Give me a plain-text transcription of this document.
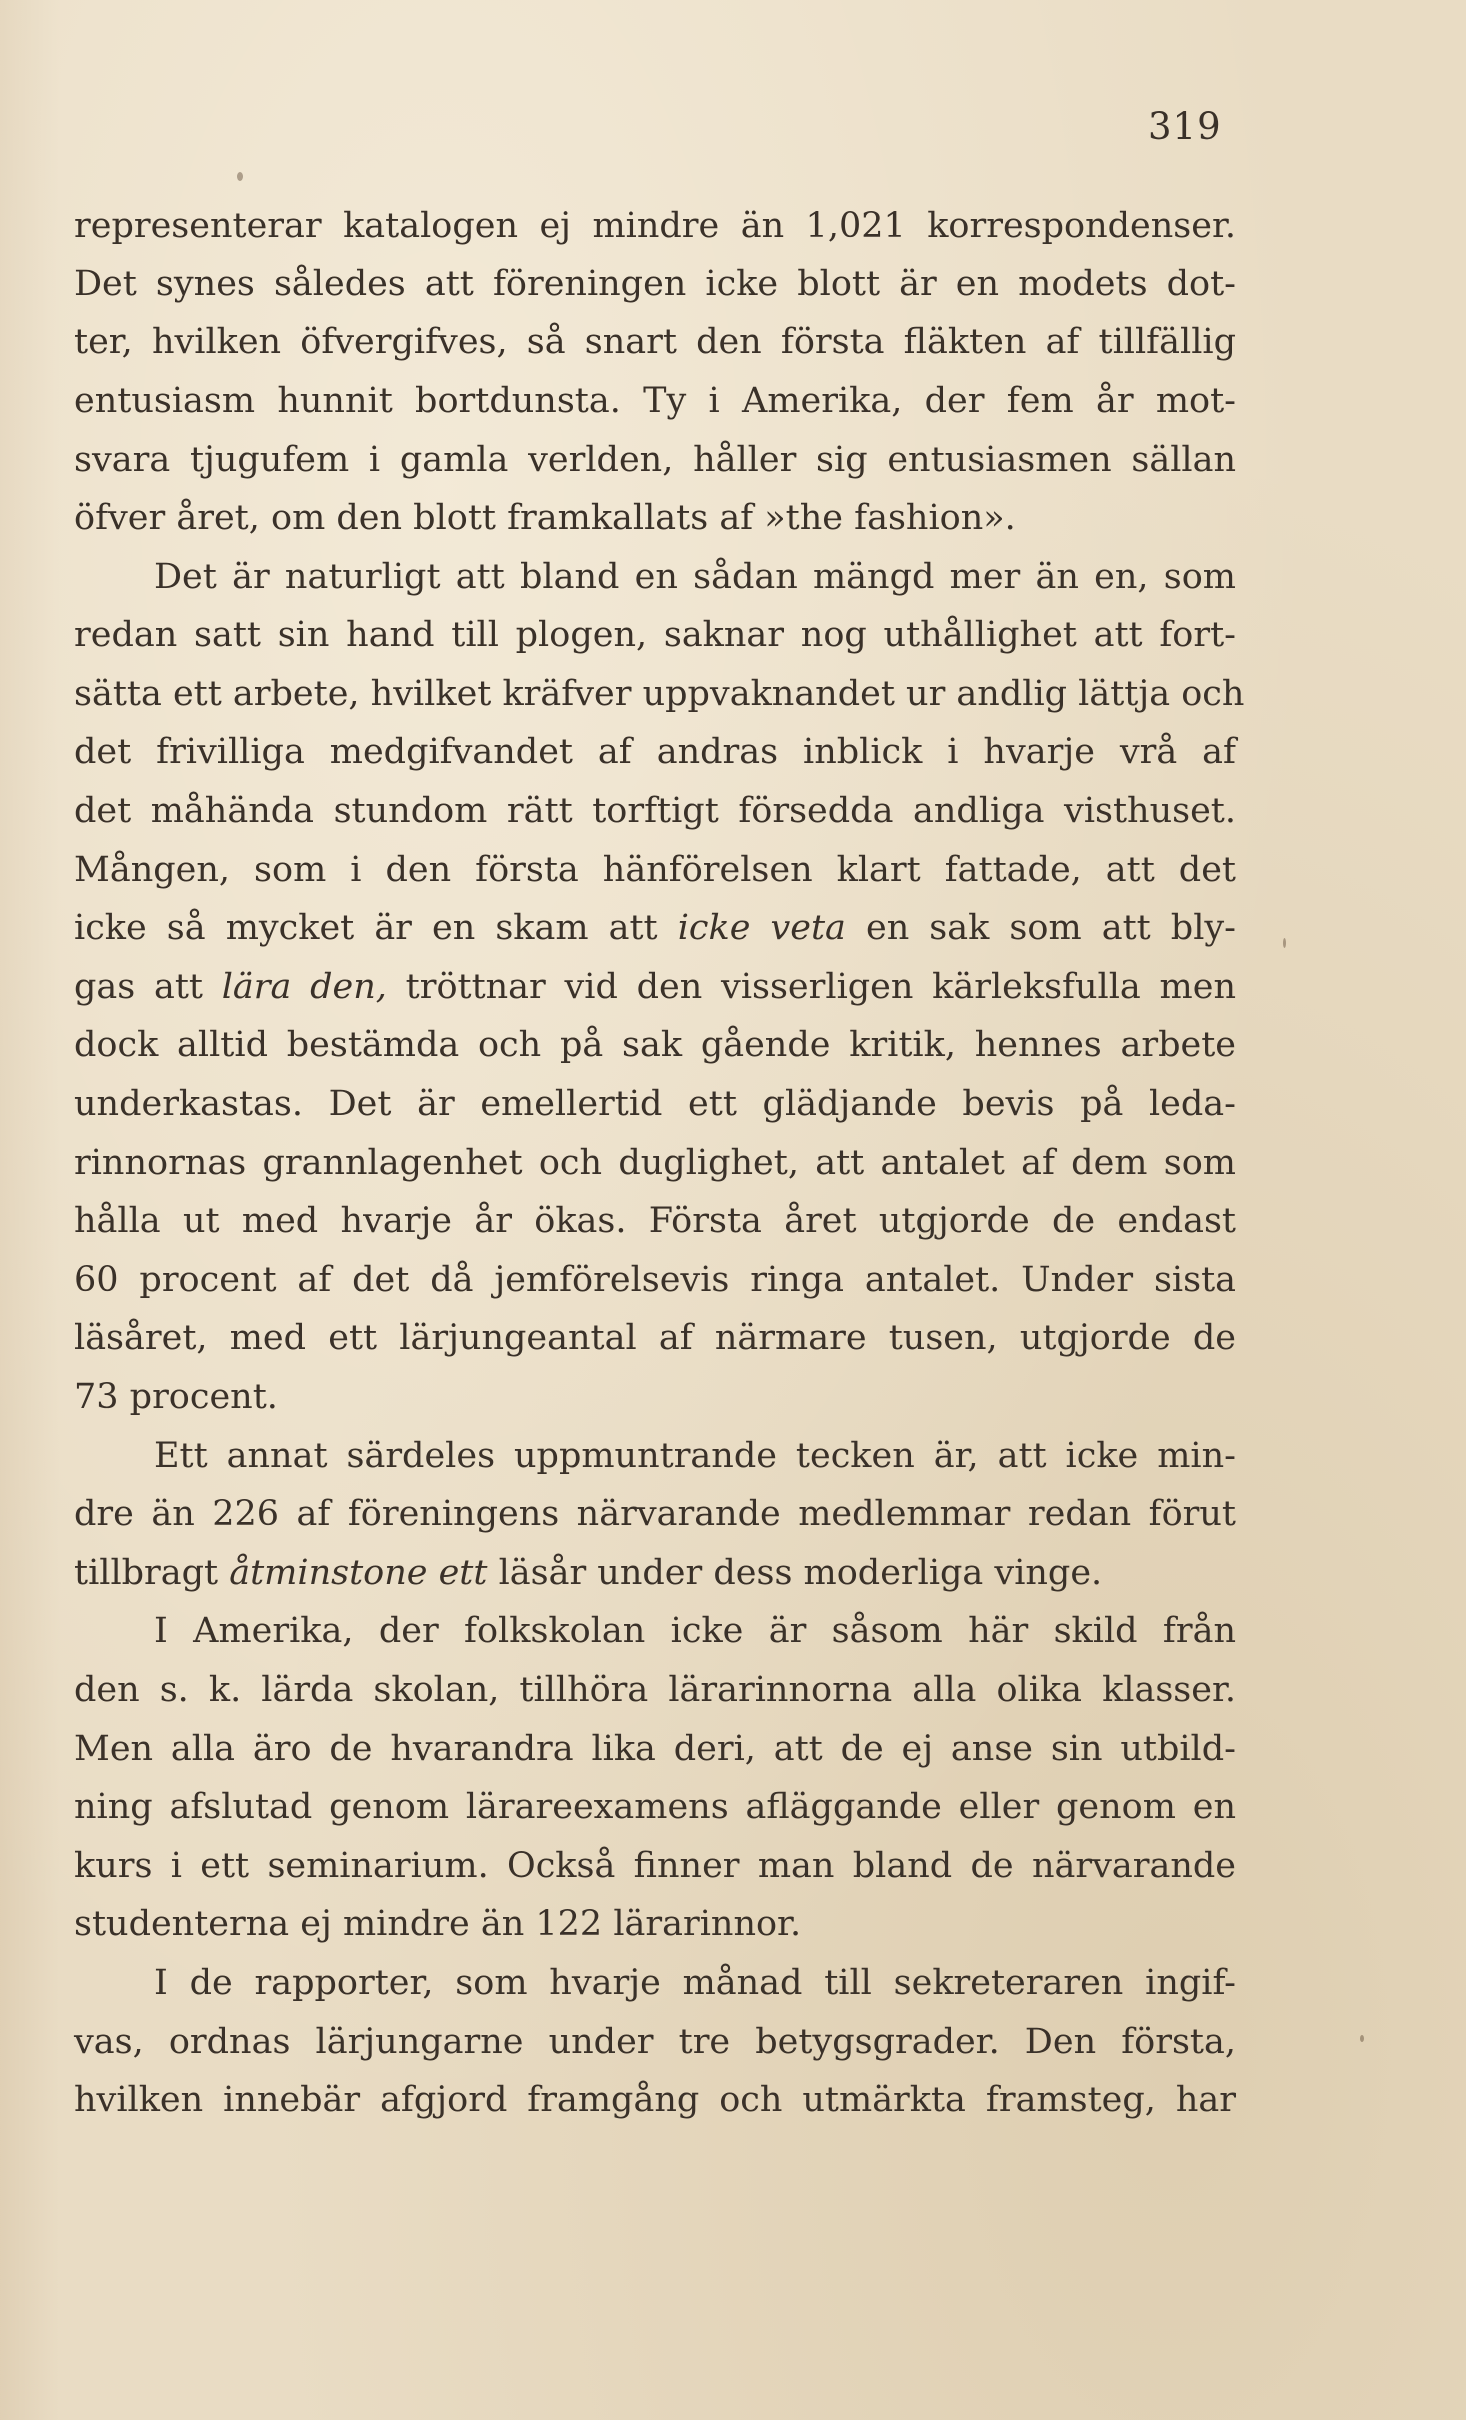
319
representerar katalogen ej mindre än 1,021 korrespondenser.
Det synes således att föreningen icke blott är en modets dot-
ter, hvilken öfvergifves, så snart den första fläkten af tillfällig
entusiasm hunnit bortdunsta. Ty i Amerika, der fem år mot-
svara tjugufem i gamla verlden, håller sig entusiasmen sällan
öfver året, om den blott framkallats af »the fashion».
Det är naturligt att bland en sådan mängd mer än en, som
redan satt sin hand till plogen, saknar nog uthållighet att fort-
sätta ett arbete, hvilket kräfver uppvaknandet ur andlig lättja och
det frivilliga medgifvandet af andras inblick i hvarje vrå af
det måhända stundom rätt torftigt försedda andliga visthuset.
Mången, som i den första hänförelsen klart fattade, att det
icke så mycket är en skam att icke veta en sak som att bly-
gas att lära den, tröttnar vid den visserligen kärleksfulla men
dock alltid bestämda och på sak gående kritik, hennes arbete
underkastas. Det är emellertid ett glädjande bevis på leda-
rinnornas grannlagenhet och duglighet, att antalet af dem som
hålla ut med hvarje år ökas. Första året utgjorde de endast
60 procent af det då jemförelsevis ringa antalet. Under sista
läsåret, med ett lärjungeantal af närmare tusen, utgjorde de
73 procent.
Ett annat särdeles uppmuntrande tecken är, att icke min-
dre än 226 af föreningens närvarande medlemmar redan förut
tillbragt åtminstone ett läsår under dess moderliga vinge.
I Amerika, der folkskolan icke är såsom här skild från
den s. k. lärda skolan, tillhöra lärarinnorna alla olika klasser.
Men alla äro de hvarandra lika deri, att de ej anse sin utbild-
ning afslutad genom lärareexamens afläggande eller genom en
kurs i ett seminarium. Också finner man bland de närvarande
studenterna ej mindre än 122 lärarinnor.
I de rapporter, som hvarje månad till sekreteraren ingif-
vas, ordnas lärjungarne under tre betygsgrader. Den första,
hvilken innebär afgjord framgång och utmärkta framsteg, har
